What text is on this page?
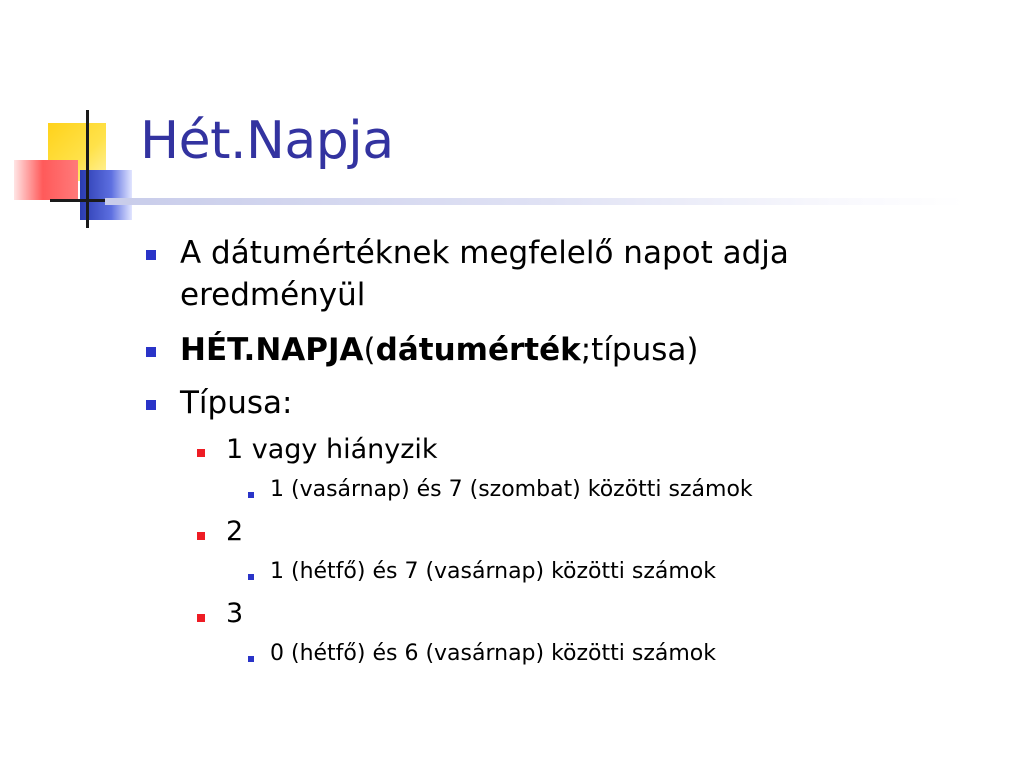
Hét.Napja
A dátumértéknek megfelelő napot adja
eredményül
HÉT.NAPJA(dátumérték;típusa)
Típusa:
1 vagy hiányzik
1 (vasárnap) és 7 (szombat) közötti számok
2
1 (hétfő) és 7 (vasárnap) közötti számok
3
0 (hétfő) és 6 (vasárnap) közötti számok
